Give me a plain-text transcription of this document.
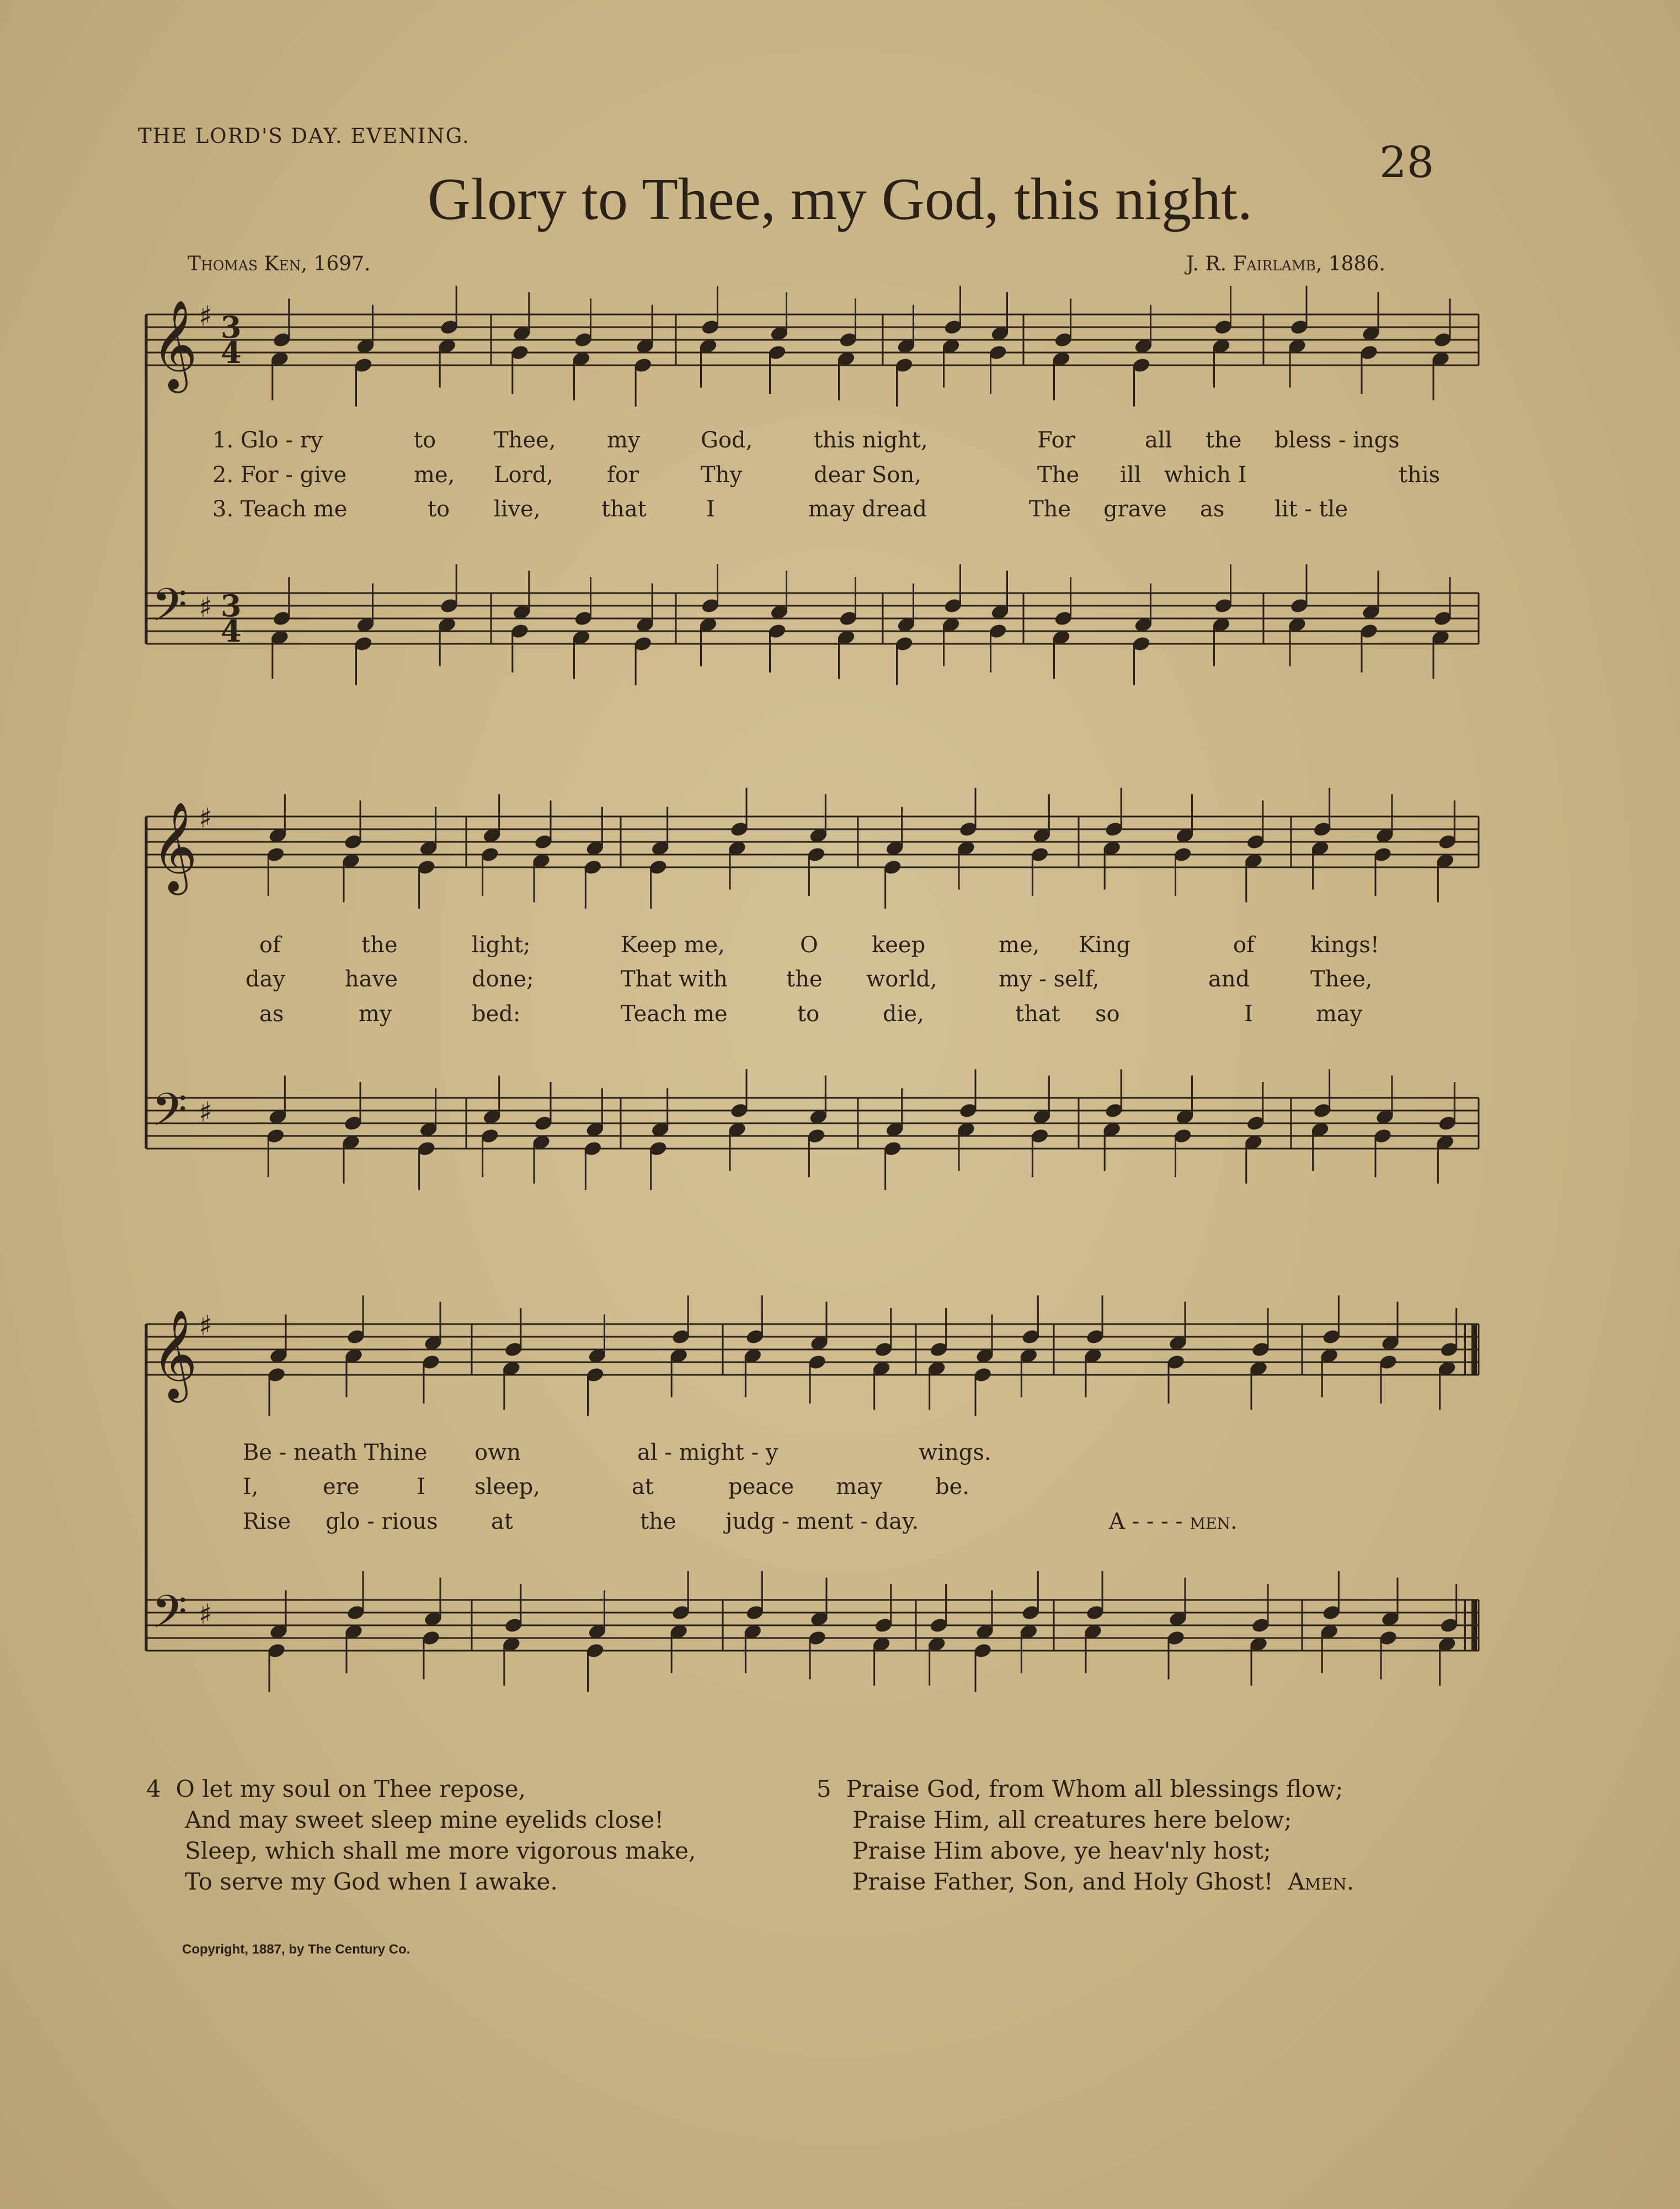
THE LORD'S DAY. EVENING.
28
Glory to Thee, my God, this night.
Thomas Ken, 1697.	J. R. Fairlamb, 1886.
𝄞
𝄢
♯
♯
𝄞
𝄢
♯
♯
𝄞
𝄢
♯
♯
3
3
4
4
1. Glo - ry	to	Thee, my	God,	this night,	For	all the bless - ings
2. For - give	me, Lord, for	Thy	dear Son,	The ill which I	this
3. Teach me	to live,	that	I	may dread	The grave as lit - tle
of	the	light;	Keep me,	O keep	me, King	of	kings!
day	have	done;	That with	the world,	my - self,	and	Thee,
as	my	bed:	Teach me	to	die,	that so	I	may
Be - neath Thine own	al - might - y	wings.
I,	ere	I sleep,	at	peace may be.
Rise glo - rious at	the judg - ment - day.	A - - - - men.
4 O let my soul on Thee repose,
And may sweet sleep mine eyelids close!
Sleep, which shall me more vigorous make,
To serve my God when I awake.
5 Praise God, from Whom all blessings flow;
Praise Him, all creatures here below;
Praise Him above, ye heav'nly host;
Praise Father, Son, and Holy Ghost! Amen.
Copyright, 1887, by The Century Co.
